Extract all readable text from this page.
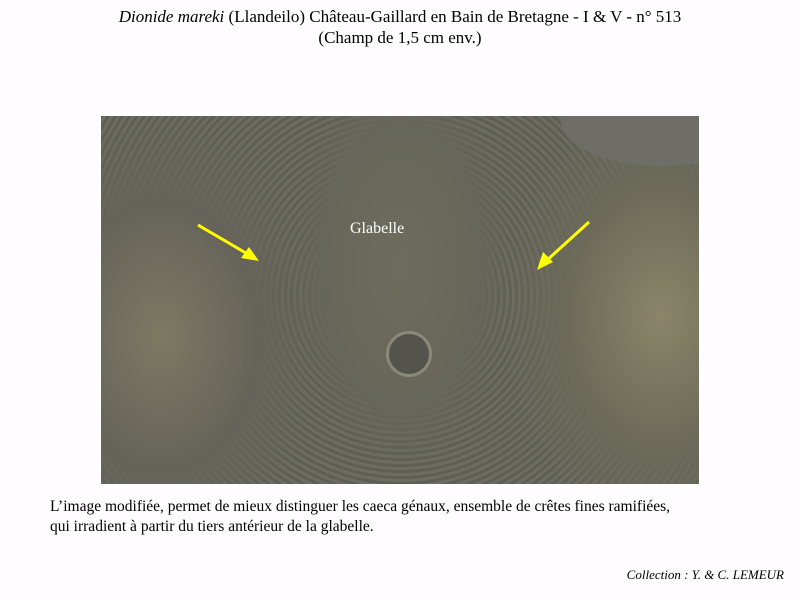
Dionide mareki (Llandeilo) Château-Gaillard en Bain de Bretagne - I & V - n° 513
(Champ de 1,5 cm env.)
Glabelle
L’image modifiée, permet de mieux distinguer les caeca génaux, ensemble de crêtes fines ramifiées,
qui irradient à partir du tiers antérieur de la glabelle.
Collection : Y. & C. LEMEUR
